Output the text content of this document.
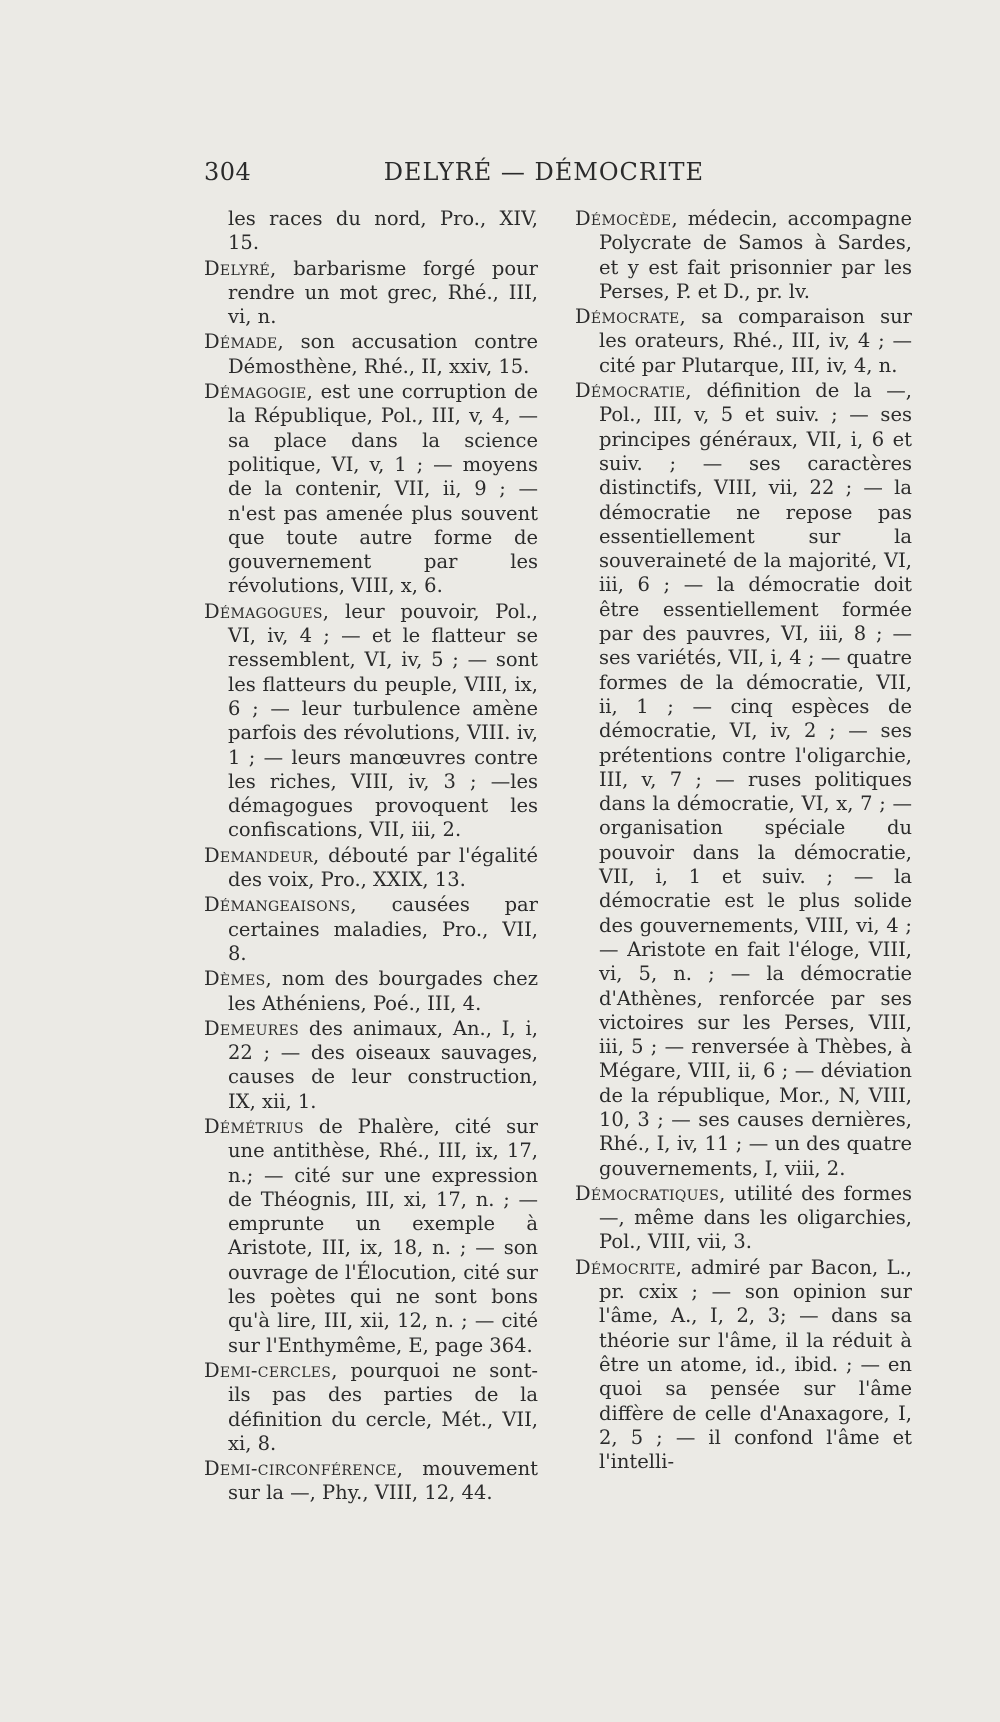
304	DELYRÉ — DÉMOCRITE

les races du nord, Pro., XIV, 15.

Delyré, barbarisme forgé pour rendre un mot grec, Rhé., III, vi, n.

Démade, son accusation contre Démosthène, Rhé., II, xxiv, 15.

Démagogie, est une corruption de la République, Pol., III, v, 4, — sa place dans la science politique, VI, v, 1 ; — moyens de la contenir, VII, ii, 9 ; — n'est pas amenée plus souvent que toute autre forme de gouvernement par les révolutions, VIII, x, 6.

Démagogues, leur pouvoir, Pol., VI, iv, 4 ; — et le flatteur se ressemblent, VI, iv, 5 ; — sont les flatteurs du peuple, VIII, ix, 6 ; — leur turbulence amène parfois des révolutions, VIII. iv, 1 ; — leurs manœuvres contre les riches, VIII, iv, 3 ; —les démagogues provoquent les confiscations, VII, iii, 2.

Demandeur, débouté par l'égalité des voix, Pro., XXIX, 13.

Démangeaisons, causées par certaines maladies, Pro., VII, 8.

Dèmes, nom des bourgades chez les Athéniens, Poé., III, 4.

Demeures des animaux, An., I, i, 22 ; — des oiseaux sauvages, causes de leur construction, IX, xii, 1.

Démétrius de Phalère, cité sur une antithèse, Rhé., III, ix, 17, n.; — cité sur une expression de Théognis, III, xi, 17, n. ; — emprunte un exemple à Aristote, III, ix, 18, n. ; — son ouvrage de l'Élocution, cité sur les poètes qui ne sont bons qu'à lire, III, xii, 12, n. ; — cité sur l'Enthymême, E, page 364.

Demi-cercles, pourquoi ne sont-ils pas des parties de la définition du cercle, Mét., VII, xi, 8.

Demi-circonférence, mouvement sur la —, Phy., VIII, 12, 44.

Démocède, médecin, accompagne Polycrate de Samos à Sardes, et y est fait prisonnier par les Perses, P. et D., pr. lv.

Démocrate, sa comparaison sur les orateurs, Rhé., III, iv, 4 ; — cité par Plutarque, III, iv, 4, n.

Démocratie, définition de la —, Pol., III, v, 5 et suiv. ; — ses principes généraux, VII, i, 6 et suiv. ; — ses caractères distinctifs, VIII, vii, 22 ; — la démocratie ne repose pas essentiellement sur la souveraineté de la majorité, VI, iii, 6 ; — la démocratie doit être essentiellement formée par des pauvres, VI, iii, 8 ; — ses variétés, VII, i, 4 ; — quatre formes de la démocratie, VII, ii, 1 ; — cinq espèces de démocratie, VI, iv, 2 ; — ses prétentions contre l'oligarchie, III, v, 7 ; — ruses politiques dans la démocratie, VI, x, 7 ; — organisation spéciale du pouvoir dans la démocratie, VII, i, 1 et suiv. ; — la démocratie est le plus solide des gouvernements, VIII, vi, 4 ; — Aristote en fait l'éloge, VIII, vi, 5, n. ; — la démocratie d'Athènes, renforcée par ses victoires sur les Perses, VIII, iii, 5 ; — renversée à Thèbes, à Mégare, VIII, ii, 6 ; — déviation de la république, Mor., N, VIII, 10, 3 ; — ses causes dernières, Rhé., I, iv, 11 ; — un des quatre gouvernements, I, viii, 2.

Démocratiques, utilité des formes —, même dans les oligarchies, Pol., VIII, vii, 3.

Démocrite, admiré par Bacon, L., pr. cxix ; — son opinion sur l'âme, A., I, 2, 3; — dans sa théorie sur l'âme, il la réduit à être un atome, id., ibid. ; — en quoi sa pensée sur l'âme diffère de celle d'Anaxagore, I, 2, 5 ; — il confond l'âme et l'intelli-
